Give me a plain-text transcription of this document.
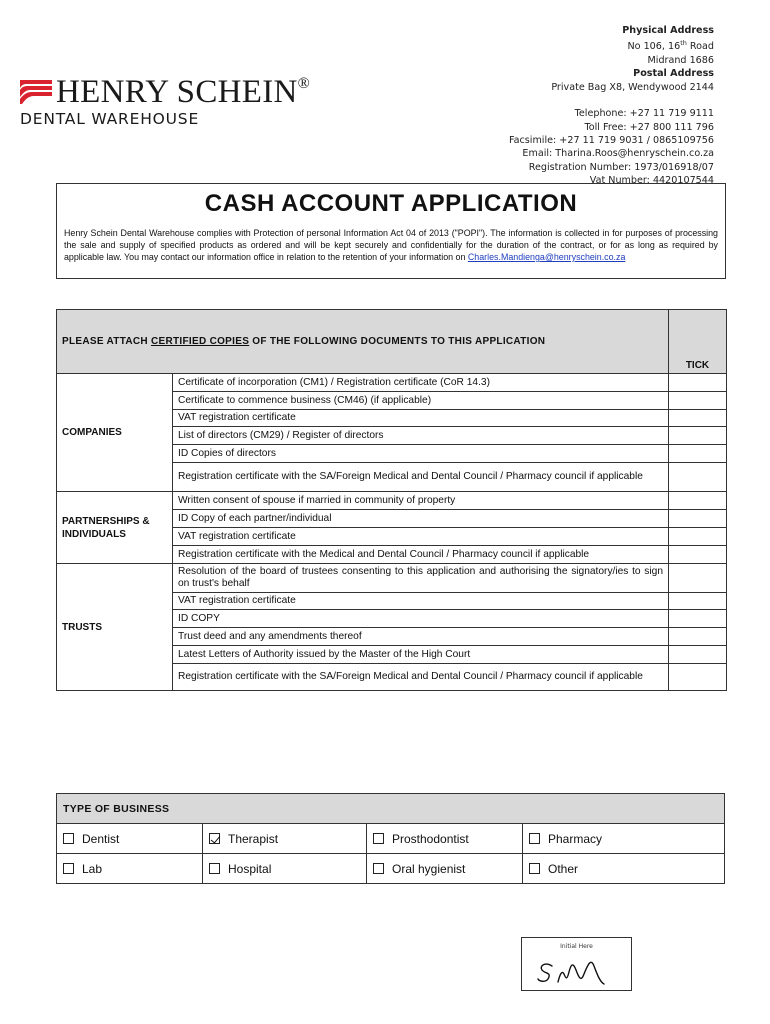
HENRY SCHEIN®
DENTAL WAREHOUSE
Physical Address
No 106, 16th Road
Midrand 1686
Postal Address
Private Bag X8, Wendywood 2144
Telephone: +27 11 719 9111
Toll Free: +27 800 111 796
Facsimile: +27 11 719 9031 / 0865109756
Email: Tharina.Roos@henryschein.co.za
Registration Number: 1973/016918/07
Vat Number: 4420107544
CASH ACCOUNT APPLICATION
Henry Schein Dental Warehouse complies with Protection of personal Information Act 04 of 2013 ("POPI"). The information is collected in for purposes of processing the sale and supply of specified products as ordered and will be kept securely and confidentially for the duration of the contract, or for as long as required by applicable law. You may contact our information office in relation to the retention of your information on Charles.Mandienga@henryschein.co.za
PLEASE ATTACH CERTIFIED COPIES OF THE FOLLOWING DOCUMENTS TO THIS APPLICATION		TICK
COMPANIES	Certificate of incorporation (CM1) / Registration certificate (CoR 14.3)	
	Certificate to commence business (CM46) (if applicable)	
	VAT registration certificate	
	List of directors (CM29) / Register of directors	
	ID Copies of directors	
	Registration certificate with the SA/Foreign Medical and Dental Council / Pharmacy council if applicable	
PARTNERSHIPS & INDIVIDUALS	Written consent of spouse if married in community of property	
	ID Copy of each partner/individual	
	VAT registration certificate	
	Registration certificate with the Medical and Dental Council / Pharmacy council if applicable	
TRUSTS	Resolution of the board of trustees consenting to this application and authorising the signatory/ies to sign on trust's behalf	
	VAT registration certificate	
	ID COPY	
	Trust deed and any amendments thereof	
	Latest Letters of Authority issued by the Master of the High Court	
	Registration certificate with the SA/Foreign Medical and Dental Council / Pharmacy council if applicable	
TYPE OF BUSINESS			
Dentist	Therapist	Prosthodontist	Pharmacy
Lab	Hospital	Oral hygienist	Other
Initial Here
